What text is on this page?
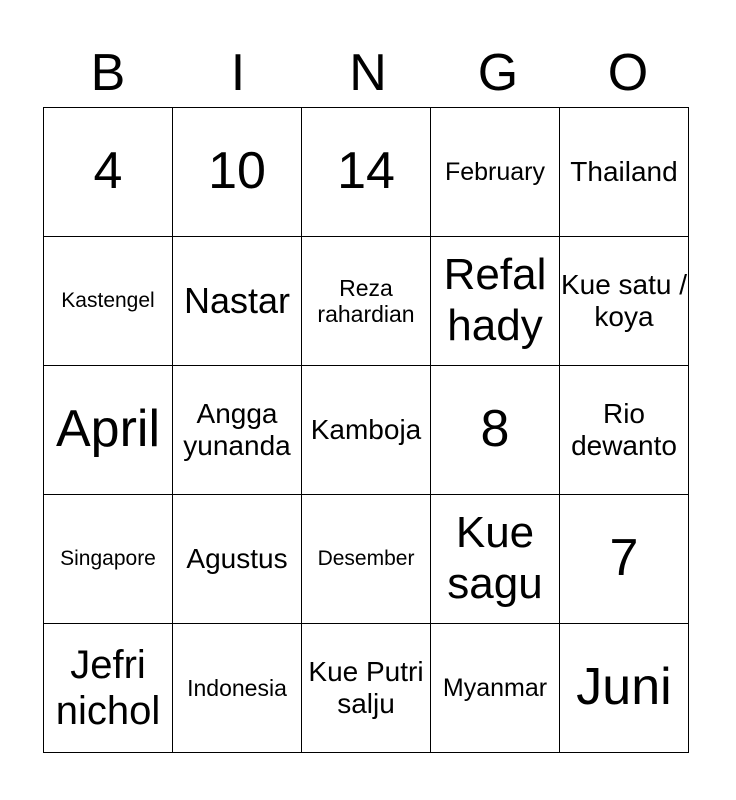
B	I	N	G	O
4	10	14	February	Thailand
Kastengel	Nastar	Reza rahardian	Refal hady	Kue satu / koya
April	Angga yunanda	Kamboja	8	Rio dewanto
Singapore	Agustus	Desember	Kue sagu	7
Jefri nichol	Indonesia	Kue Putri salju	Myanmar	Juni
